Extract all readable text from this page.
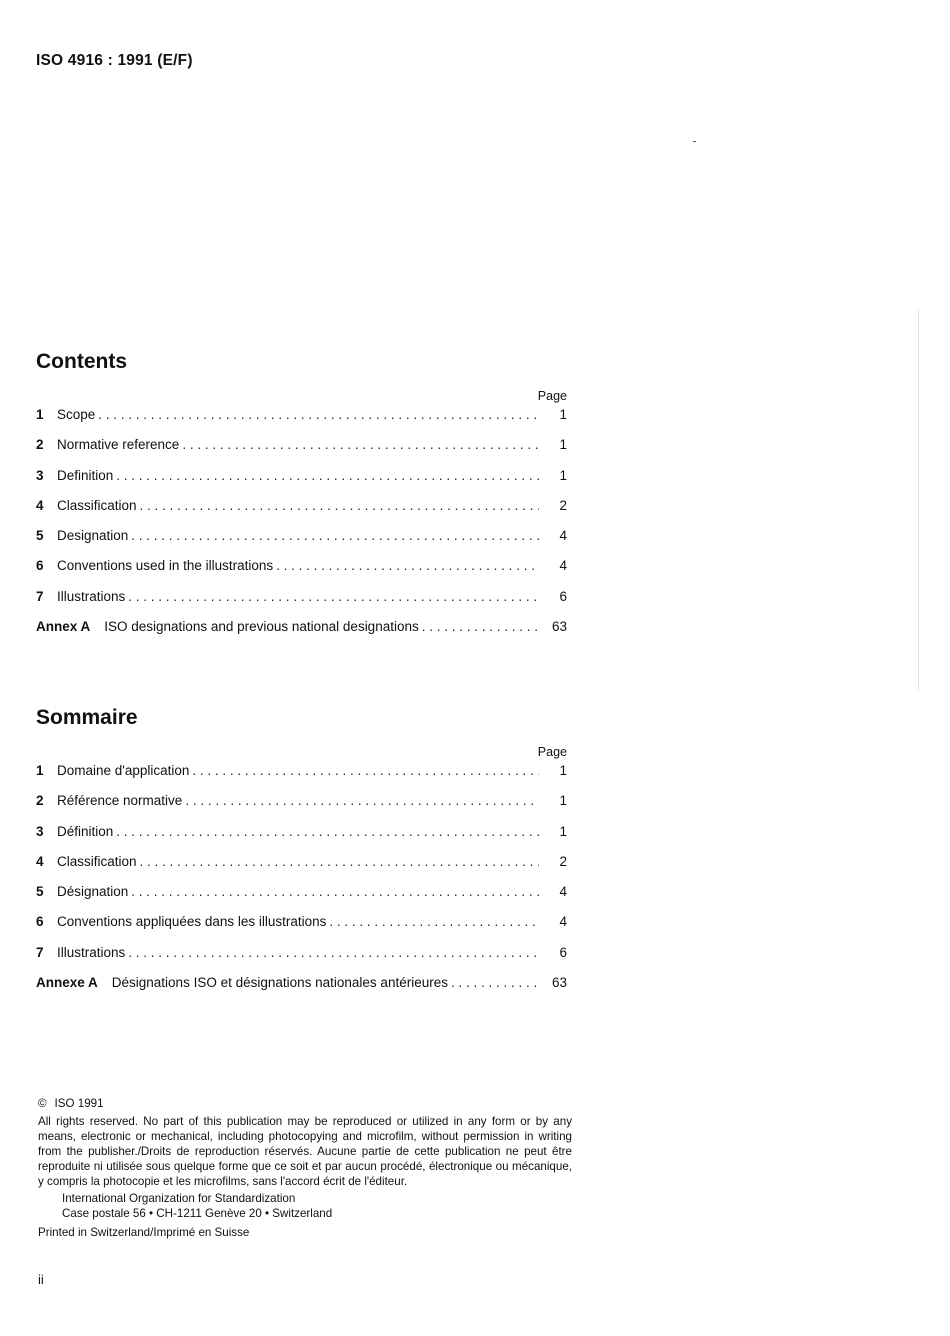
ISO 4916 : 1991 (E/F)
Contents
Page
1 Scope . . .	1
2 Normative reference . . .	1
3 Definition . . .	1
4 Classification . . .	2
5 Designation . . .	4
6 Conventions used in the illustrations . . .	4
7 Illustrations . . .	6
Annex A ISO designations and previous national designations . . .	63
Sommaire
Page
1 Domaine d'application . . .	1
2 Référence normative . . .	1
3 Définition . . .	1
4 Classification . . .	2
5 Désignation . . .	4
6 Conventions appliquées dans les illustrations . . .	4
7 Illustrations . . .	6
Annexe A Désignations ISO et désignations nationales antérieures . . .	63

© ISO 1991

All rights reserved. No part of this publication may be reproduced or utilized in any form or by any means, electronic or mechanical, including photocopying and microfilm, without permission in writing from the publisher./Droits de reproduction réservés. Aucune partie de cette publication ne peut être reproduite ni utilisée sous quelque forme que ce soit et par aucun procédé, électronique ou mécanique, y compris la photocopie et les microfilms, sans l'accord écrit de l'éditeur.

International Organization for Standardization

Case postale 56 • CH-1211 Genève 20 • Switzerland

Printed in Switzerland/Imprimé en Suisse

ii
